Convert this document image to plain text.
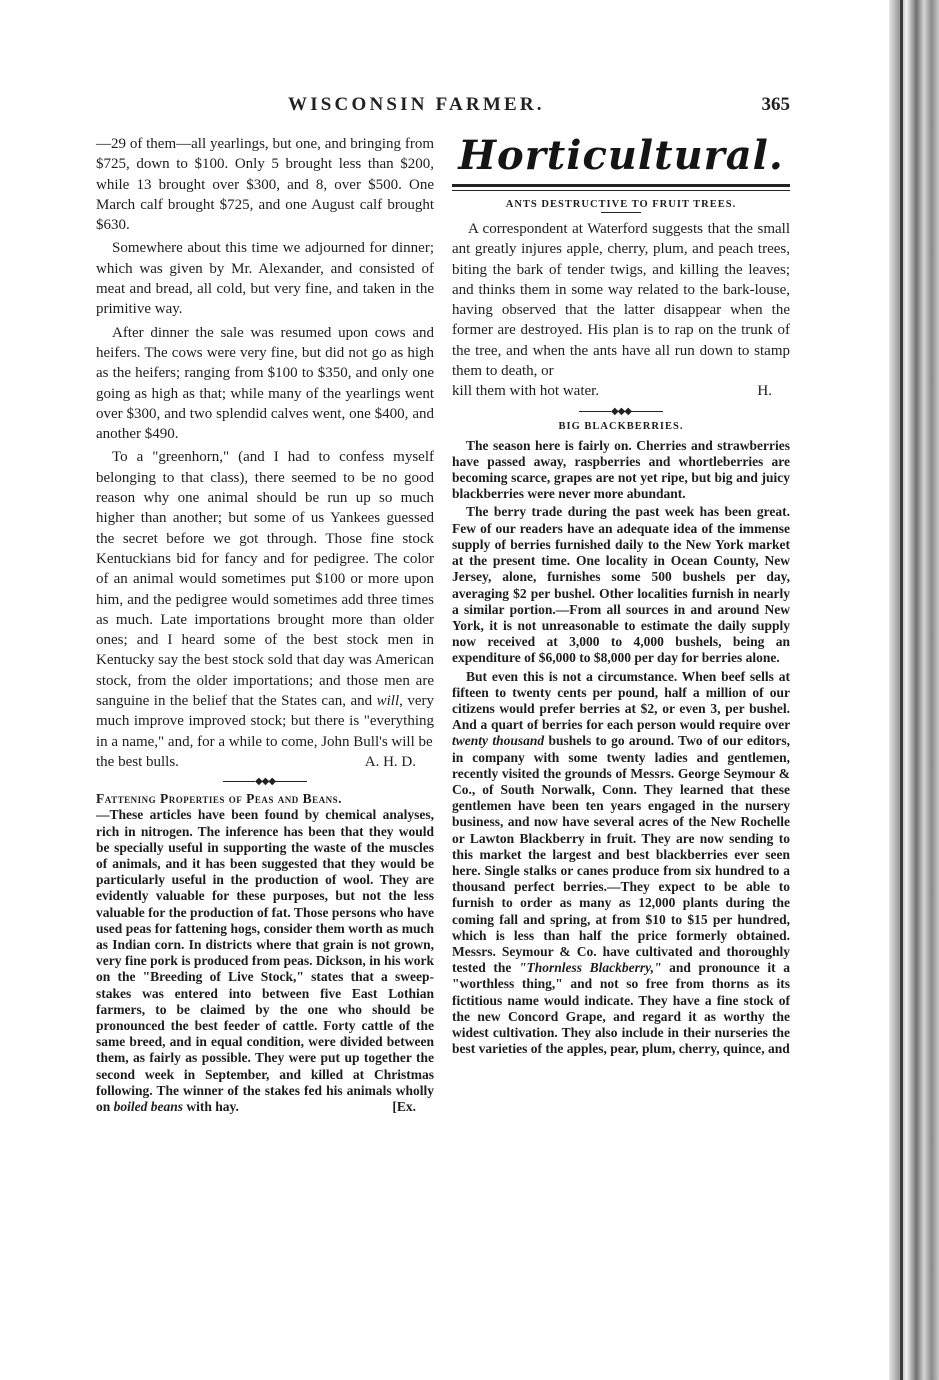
WISCONSIN FARMER.	365

—29 of them—all yearlings, but one, and bringing from $725, down to $100. Only 5 brought less than $200, while 13 brought over $300, and 8, over $500. One March calf brought $725, and one August calf brought $630.

Somewhere about this time we adjourned for dinner; which was given by Mr. Alexander, and consisted of meat and bread, all cold, but very fine, and taken in the primitive way.

After dinner the sale was resumed upon cows and heifers. The cows were very fine, but did not go as high as the heifers; ranging from $100 to $350, and only one going as high as that; while many of the yearlings went over $300, and two splendid calves went, one $400, and another $490.

To a "greenhorn," (and I had to confess myself belonging to that class), there seemed to be no good reason why one animal should be run up so much higher than another; but some of us Yankees guessed the secret before we got through. Those fine stock Kentuckians bid for fancy and for pedigree. The color of an animal would sometimes put $100 or more upon him, and the pedigree would sometimes add three times as much. Late importations brought more than older ones; and I heard some of the best stock men in Kentucky say the best stock sold that day was American stock, from the older importations; and those men are sanguine in the belief that the States can, and will, very much improve improved stock; but there is "everything in a name," and, for a while to come, John Bull's will be

the best bulls.	A. H. D.
◆◆◆

Fattening Properties of Peas and Beans.
—These articles have been found by chemical analyses, rich in nitrogen. The inference has been that they would be specially useful in supporting the waste of the muscles of animals, and it has been suggested that they would be particularly useful in the production of wool. They are evidently valuable for these purposes, but not the less valuable for the production of fat. Those persons who have used peas for fattening hogs, consider them worth as much as Indian corn. In districts where that grain is not grown, very fine pork is produced from peas. Dickson, in his work on the "Breeding of Live Stock," states that a sweep-stakes was entered into between five East Lothian farmers, to be claimed by the one who should be pronounced the best feeder of cattle. Forty cattle of the same breed, and in equal condition, were divided between them, as fairly as possible. They were put up together the second week in September, and killed at Christmas following. The winner of the stakes fed his animals wholly on boiled beans with hay.	[Ex.

Horticultural.
ANTS DESTRUCTIVE TO FRUIT TREES.

A correspondent at Waterford suggests that the small ant greatly injures apple, cherry, plum, and peach trees, biting the bark of tender twigs, and killing the leaves; and thinks them in some way related to the bark-louse, having observed that the latter disappear when the former are destroyed. His plan is to rap on the trunk of the tree, and when the ants have all run down to stamp them to death, or

kill them with hot water.	H.
◆◆◆
BIG BLACKBERRIES.

The season here is fairly on. Cherries and strawberries have passed away, raspberries and whortleberries are becoming scarce, grapes are not yet ripe, but big and juicy blackberries were never more abundant.

The berry trade during the past week has been great. Few of our readers have an adequate idea of the immense supply of berries furnished daily to the New York market at the present time. One locality in Ocean County, New Jersey, alone, furnishes some 500 bushels per day, averaging $2 per bushel. Other localities furnish in nearly a similar portion.—From all sources in and around New York, it is not unreasonable to estimate the daily supply now received at 3,000 to 4,000 bushels, being an expenditure of $6,000 to $8,000 per day for berries alone.

But even this is not a circumstance. When beef sells at fifteen to twenty cents per pound, half a million of our citizens would prefer berries at $2, or even 3, per bushel. And a quart of berries for each person would require over twenty thousand bushels to go around. Two of our editors, in company with some twenty ladies and gentlemen, recently visited the grounds of Messrs. George Seymour & Co., of South Norwalk, Conn. They learned that these gentlemen have been ten years engaged in the nursery business, and now have several acres of the New Rochelle or Lawton Blackberry in fruit. They are now sending to this market the largest and best blackberries ever seen here. Single stalks or canes produce from six hundred to a thousand perfect berries.—They expect to be able to furnish to order as many as 12,000 plants during the coming fall and spring, at from $10 to $15 per hundred, which is less than half the price formerly obtained. Messrs. Seymour & Co. have cultivated and thoroughly tested the "Thornless Blackberry," and pronounce it a "worthless thing," and not so free from thorns as its fictitious name would indicate. They have a fine stock of the new Concord Grape, and regard it as worthy the widest cultivation. They also include in their nurseries the best varieties of the apples, pear, plum, cherry, quince, and
